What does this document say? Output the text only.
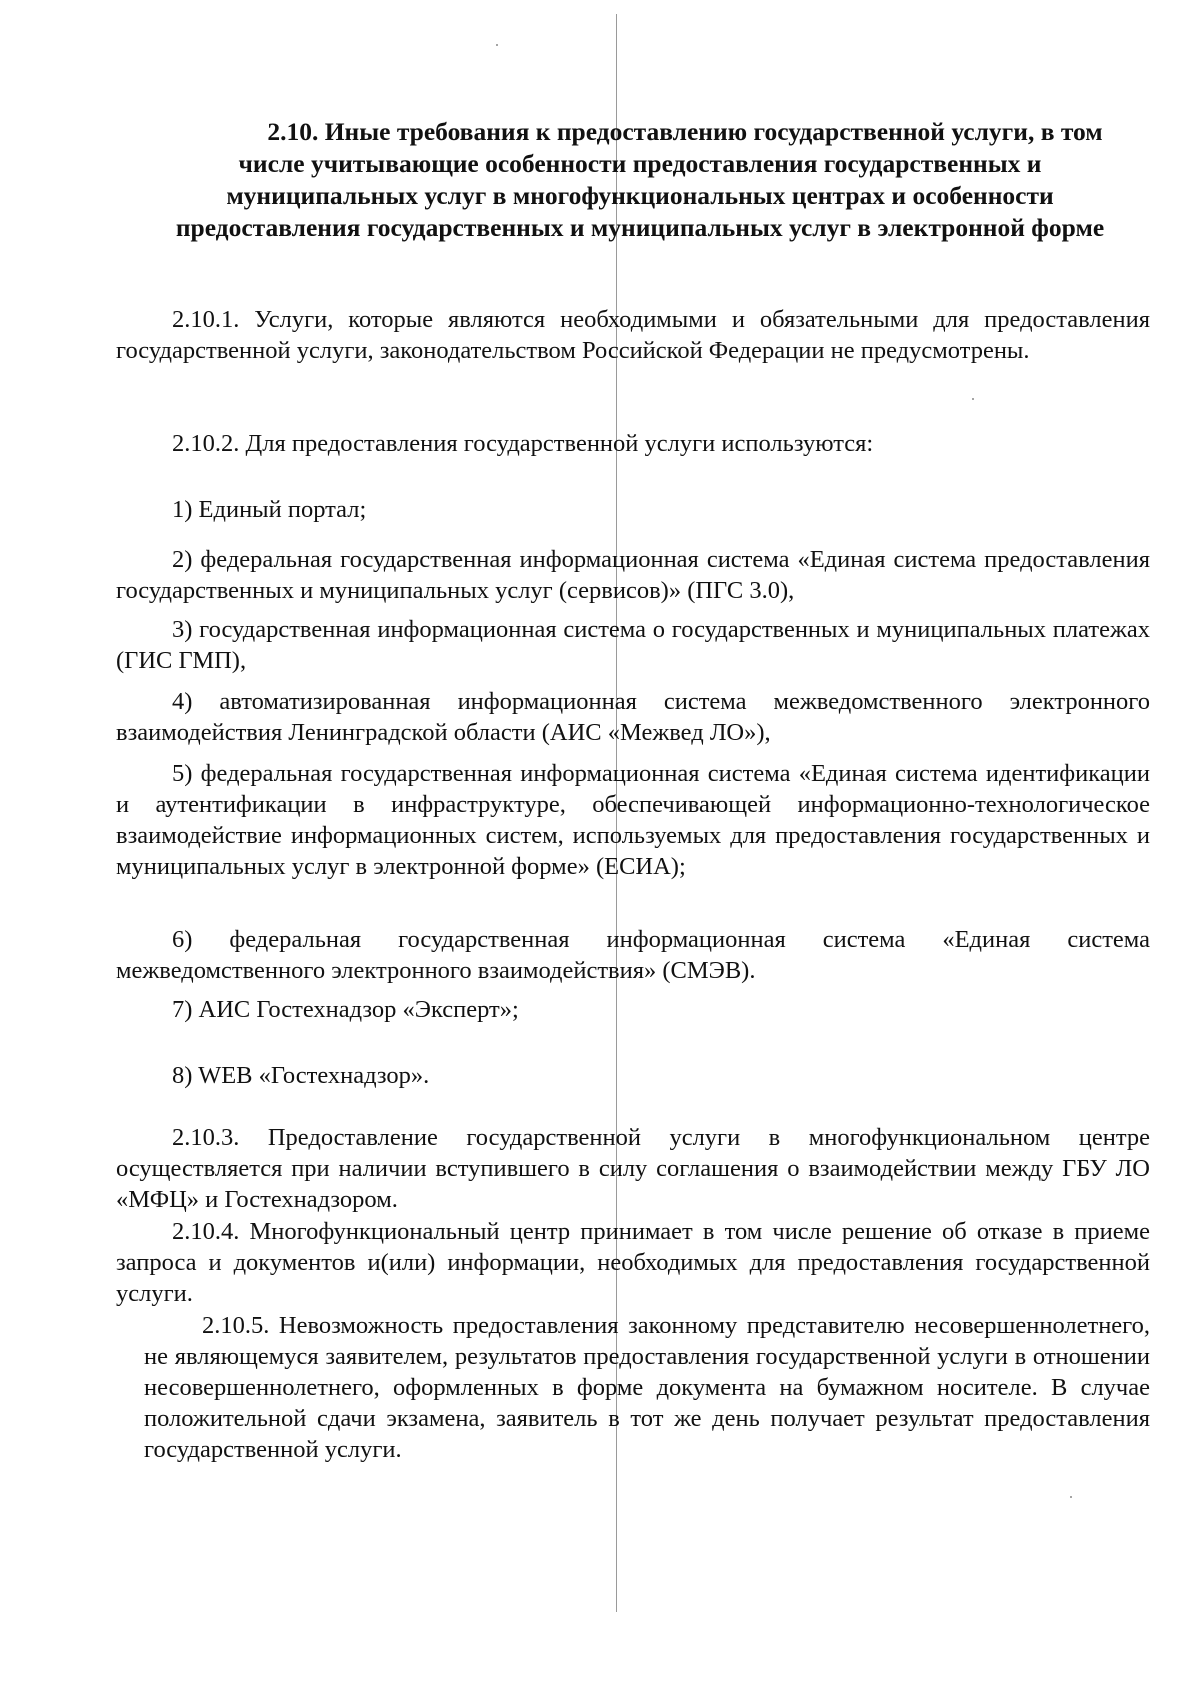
2.10. Иные требования к предоставлению государственной услуги, в том
числе учитывающие особенности предоставления государственных и муниципальных услуг в многофункциональных центрах и особенности предоставления государственных и муниципальных услуг в электронной форме

2.10.1. Услуги, которые являются необходимыми и обязательными для предоставления государственной услуги, законодательством Российской Федерации не предусмотрены.

2.10.2. Для предоставления государственной услуги используются:

1) Единый портал;

2) федеральная государственная информационная система «Единая система предоставления государственных и муниципальных услуг (сервисов)» (ПГС 3.0),

3) государственная информационная система о государственных и муниципальных платежах (ГИС ГМП),

4) автоматизированная информационная система межведомственного электронного взаимодействия Ленинградской области (АИС «Межвед ЛО»),

5) федеральная государственная информационная система «Единая система идентификации и аутентификации в инфраструктуре, обеспечивающей информационно-технологическое взаимодействие информационных систем, используемых для предоставления государственных и муниципальных услуг в электронной форме» (ЕСИА);

6) федеральная государственная информационная система «Единая система межведомственного электронного взаимодействия» (СМЭВ).

7) АИС Гостехнадзор «Эксперт»;

8) WEB «Гостехнадзор».

2.10.3. Предоставление государственной услуги в многофункциональном центре осуществляется при наличии вступившего в силу соглашения о взаимодействии между ГБУ ЛО «МФЦ» и Гостехнадзором.

2.10.4. Многофункциональный центр принимает в том числе решение об отказе в приеме запроса и документов и(или) информации, необходимых для предоставления государственной услуги.

2.10.5. Невозможность предоставления законному представителю несовершеннолетнего, не являющемуся заявителем, результатов предоставления государственной услуги в отношении несовершеннолетнего, оформленных в форме документа на бумажном носителе. В случае положительной сдачи экзамена, заявитель в тот же день получает результат предоставления государственной услуги.
